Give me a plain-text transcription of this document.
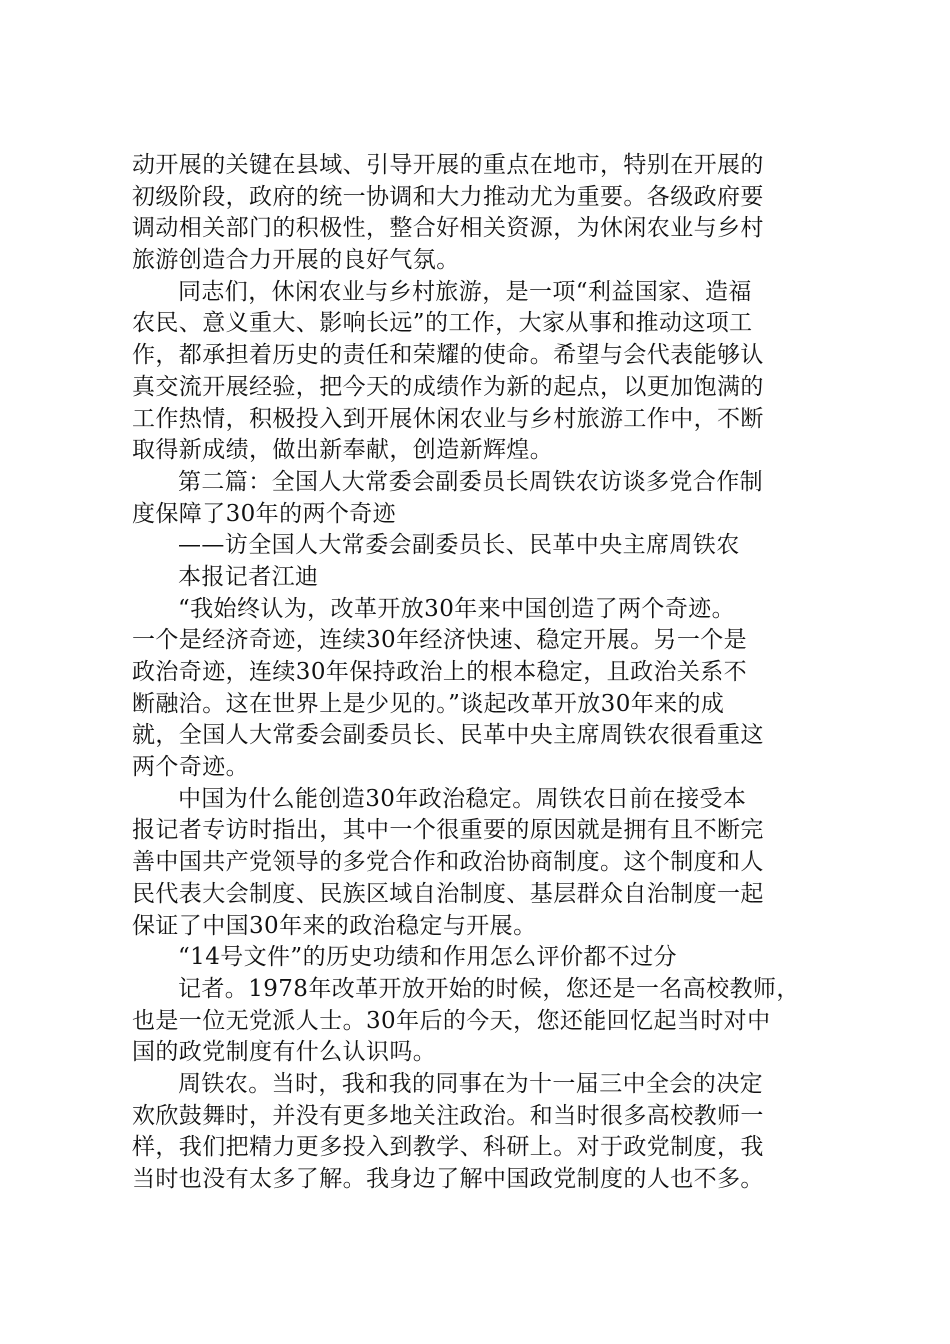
动开展的关键在县域、引导开展的重点在地市，特别在开展的
初级阶段，政府的统一协调和大力推动尤为重要。各级政府要
调动相关部门的积极性，整合好相关资源，为休闲农业与乡村
旅游创造合力开展的良好气氛。
同志们，休闲农业与乡村旅游，是一项“利益国家、造福
农民、意义重大、影响长远”的工作，大家从事和推动这项工
作，都承担着历史的责任和荣耀的使命。希望与会代表能够认
真交流开展经验，把今天的成绩作为新的起点，以更加饱满的
工作热情，积极投入到开展休闲农业与乡村旅游工作中，不断
取得新成绩，做出新奉献，创造新辉煌。
第二篇：全国人大常委会副委员长周铁农访谈多党合作制
度保障了30年的两个奇迹
——访全国人大常委会副委员长、民革中央主席周铁农
本报记者江迪
“我始终认为，改革开放30年来中国创造了两个奇迹。
一个是经济奇迹，连续30年经济快速、稳定开展。另一个是
政治奇迹，连续30年保持政治上的根本稳定，且政治关系不
断融洽。这在世界上是少见的。”谈起改革开放30年来的成
就，全国人大常委会副委员长、民革中央主席周铁农很看重这
两个奇迹。
中国为什么能创造30年政治稳定。周铁农日前在接受本
报记者专访时指出，其中一个很重要的原因就是拥有且不断完
善中国共产党领导的多党合作和政治协商制度。这个制度和人
民代表大会制度、民族区域自治制度、基层群众自治制度一起
保证了中国30年来的政治稳定与开展。
“14号文件”的历史功绩和作用怎么评价都不过分
记者。1978年改革开放开始的时候，您还是一名高校教师，
也是一位无党派人士。30年后的今天，您还能回忆起当时对中
国的政党制度有什么认识吗。
周铁农。当时，我和我的同事在为十一届三中全会的决定
欢欣鼓舞时，并没有更多地关注政治。和当时很多高校教师一
样，我们把精力更多投入到教学、科研上。对于政党制度，我
当时也没有太多了解。我身边了解中国政党制度的人也不多。
